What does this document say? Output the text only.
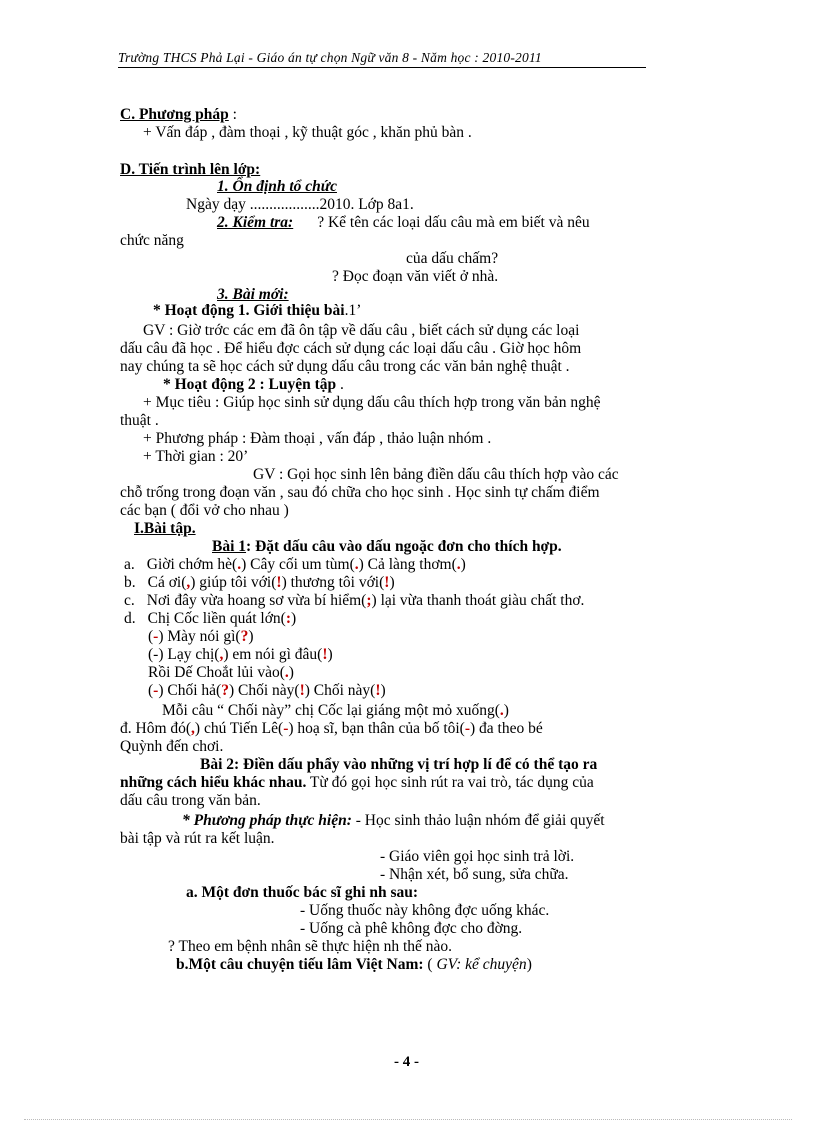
Trường THCS Phả Lại - Giáo án tự chọn Ngữ văn 8 - Năm học : 2010-2011
C. Phương pháp :
+ Vấn đáp , đàm thoại , kỹ thuật góc , khăn phủ bàn .
D. Tiến trình lên lớp:
1. Ổn định tổ chức
Ngày dạy ..................2010. Lớp 8a1.
2. Kiểm tra: ? Kể tên các loại dấu câu mà em biết và nêu
chức năng
của dấu chấm?
? Đọc đoạn văn viết ở nhà.
3. Bài mới:
* Hoạt động 1. Giới thiệu bài.1’
GV : Giờ trớc các em đã ôn tập về dấu câu , biết cách sử dụng các loại
dấu câu đã học . Để hiểu đợc cách sử dụng các loại dấu câu . Giờ học hôm
nay chúng ta sẽ học cách sử dụng dấu câu trong các văn bản nghệ thuật .
* Hoạt động 2 : Luyện tập .
+ Mục tiêu : Giúp học sinh sử dụng dấu câu thích hợp trong văn bản nghệ
thuật .
+ Phương pháp : Đàm thoại , vấn đáp , thảo luận nhóm .
+ Thời gian : 20’
GV : Gọi học sinh lên bảng điền dấu câu thích hợp vào các
chỗ trống trong đoạn văn , sau đó chữa cho học sinh . Học sinh tự chấm điểm
các bạn ( đổi vở cho nhau )
I.Bài tập.
Bài 1: Đặt dấu câu vào dấu ngoặc đơn cho thích hợp.
a. Giời chớm hè(.) Cây cối um tùm(.) Cả làng thơm(.)
b. Cá ơi(,) giúp tôi với(!) thương tôi với(!)
c. Nơi đây vừa hoang sơ vừa bí hiểm(;) lại vừa thanh thoát giàu chất thơ.
d. Chị Cốc liền quát lớn(:)
(-) Mày nói gì(?)
(-) Lạy chị(,) em nói gì đâu(!)
Rồi Dế Choắt lủi vào(.)
(-) Chối hả(?) Chối này(!) Chối này(!)
Mỗi câu “ Chối này” chị Cốc lại giáng một mỏ xuống(.)
đ. Hôm đó(,) chú Tiến Lê(-) hoạ sĩ, bạn thân của bố tôi(-) đa theo bé
Quỳnh đến chơi.
Bài 2: Điền dấu phẩy vào những vị trí hợp lí để có thể tạo ra
những cách hiểu khác nhau. Từ đó gọi học sinh rút ra vai trò, tác dụng của
dấu câu trong văn bản.
* Phương pháp thực hiện: - Học sinh thảo luận nhóm để giải quyết
bài tập và rút ra kết luận.
- Giáo viên gọi học sinh trả lời.
- Nhận xét, bổ sung, sửa chữa.
a. Một đơn thuốc bác sĩ ghi nh sau:
- Uống thuốc này không đợc uống khác.
- Uống cà phê không đợc cho đờng.
? Theo em bệnh nhân sẽ thực hiện nh thế nào.
b.Một câu chuyện tiếu lâm Việt Nam: ( GV: kể chuyện)
- 4 -
